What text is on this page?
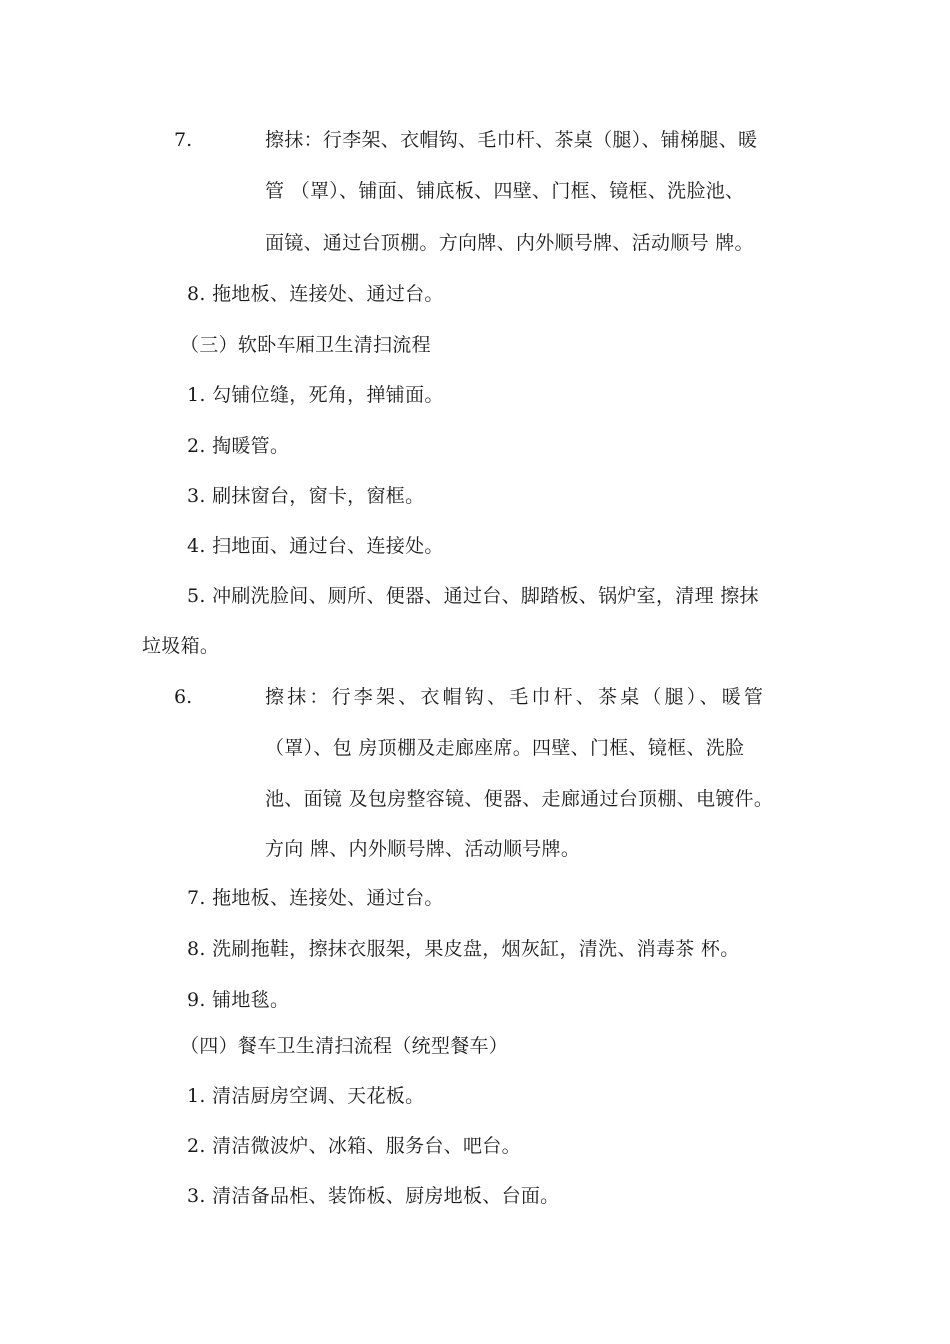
7.	擦抹：行李架、衣帽钩、毛巾杆、茶桌（腿）、铺梯腿、暖
管 （罩）、铺面、铺底板、四壁、门框、镜框、洗脸池、
面镜、通过台顶棚。方向牌、内外顺号牌、活动顺号 牌。
8. 拖地板、连接处、通过台。
（三）软卧车厢卫生清扫流程
1. 勾铺位缝，死角，掸铺面。
2. 掏暖管。
3. 刷抹窗台，窗卡，窗框。
4. 扫地面、通过台、连接处。
5. 冲刷洗脸间、厕所、便器、通过台、脚踏板、锅炉室，清理 擦抹
垃圾箱。
6.	擦抹：行李架、衣帽钩、毛巾杆、茶桌（腿）、暖管
（罩）、包 房顶棚及走廊座席。四壁、门框、镜框、洗脸
池、面镜 及包房整容镜、便器、走廊通过台顶棚、电镀件。
方向 牌、内外顺号牌、活动顺号牌。
7. 拖地板、连接处、通过台。
8. 洗刷拖鞋，擦抹衣服架，果皮盘，烟灰缸，清洗、消毒茶 杯。
9. 铺地毯。
（四）餐车卫生清扫流程（统型餐车）
1. 清洁厨房空调、天花板。
2. 清洁微波炉、冰箱、服务台、吧台。
3. 清洁备品柜、装饰板、厨房地板、台面。
